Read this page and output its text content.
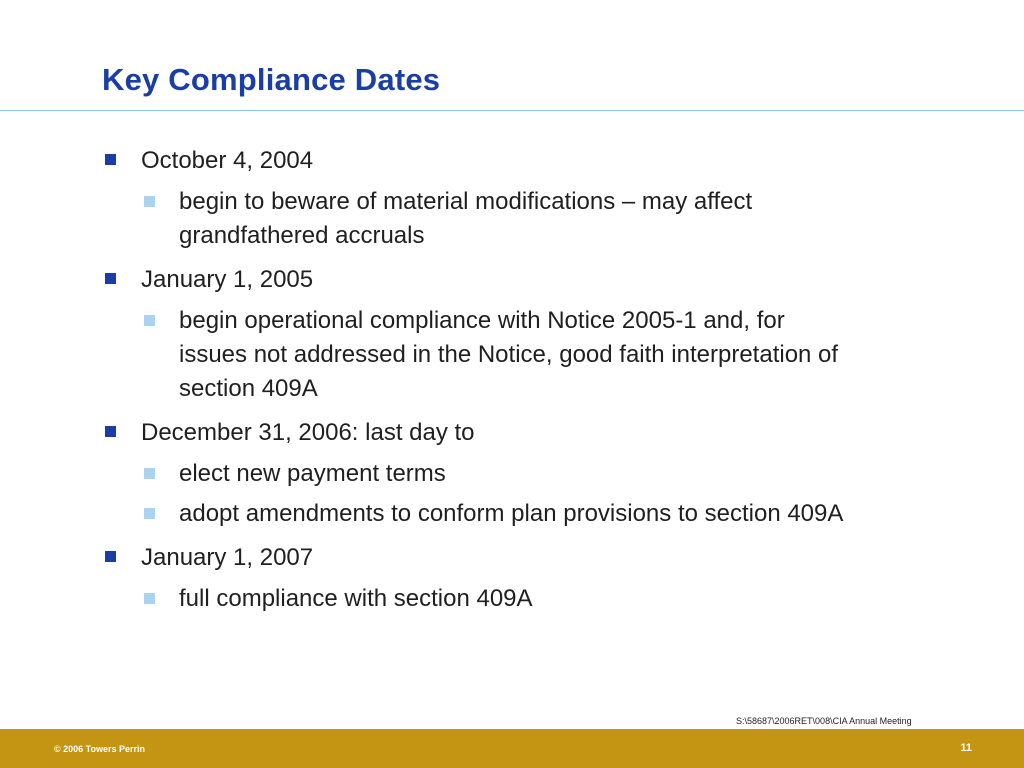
Key Compliance Dates
October 4, 2004
begin to beware of material modifications – may affect
grandfathered accruals
January 1, 2005
begin operational compliance with Notice 2005-1 and, for
issues not addressed in the Notice, good faith interpretation of
section 409A
December 31, 2006: last day to
elect new payment terms
adopt amendments to conform plan provisions to section 409A
January 1, 2007
full compliance with section 409A
S:\58687\2006RET\008\CIA Annual Meeting
© 2006 Towers Perrin	11
